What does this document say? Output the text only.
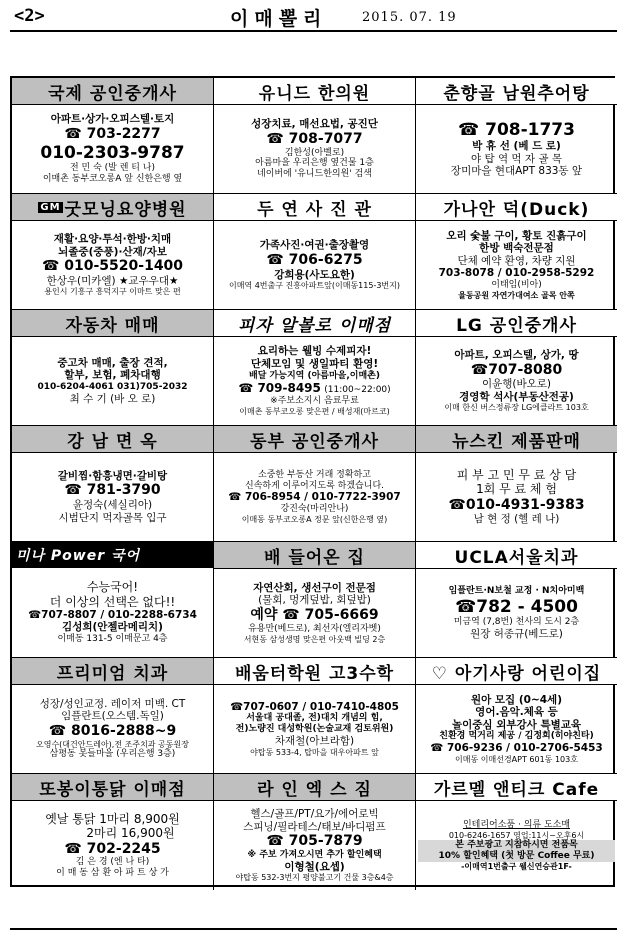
<2>	이매뽈리	2015. 07. 19
국제 공인중개사
아파트·상가·오피스텔·토지
☎ 703-2277
010-2303-9787
전 민 숙 (발 렌 티 나)
이매촌 동부코오롱A 앞 신한은행 옆
유니드 한의원
성장치료, 매선요법, 공진단
☎ 708-7077
김한성(아벨로)
아름마을 우리은행 옆건물 1층
네이버에 '유니드한의원' 검색
춘향골 남원추어탕
☎ 708-1773
박 휴 선 (베 드 로)
야 탑 역 먹 자 골 목
장미마을 현대APT 833동 앞
GM 굿모닝요양병원
재활·요양·투석·한방·치매
뇌졸중(중풍)·산재/자보
☎ 010-5520-1400
한상우(미카엘) ★교우우대★
용인시 기흥구 흥덕지구 이마트 맞은 편
두 연 사 진 관
가족사진·여권·출장촬영
☎ 706-6275
강희용(사도요한)
이매역 4번출구 진흥아파트앞(이매동115-3번지)
가나안 덕(Duck)
오리 숯불 구이, 황토 진흙구이
한방 백숙전문점
단체 예약 환영, 차량 지원
703-8078 / 010-2958-5292
이태임(비아)
율동공원 자연가대여소 골목 안쪽
자동차 매매
중고차 매매, 출장 견적,
할부, 보험, 폐차대행
010-6204-4061 031)705-2032
최 수 기 (바 오 로)
피자 알볼로 이매점
요리하는 웰빙 수제피자!
단체모임 및 생일파티 환영!
배달 가능지역 (아름마을,이매촌)
☎ 709-8495 (11:00~22:00)
※주보소지시 음료무료
이매촌 동부코오롱 맞은편 / 배성재(마르코)
LG 공인중개사
아파트, 오피스텔, 상가, 땅
☎707-8080
이윤행(바오로)
경영학 석사(부동산전공)
이매 한신 버스정류장 LG에클라트 103호
강 남 면 옥
갈비찜·함흥냉면·갈비탕
☎ 781-3790
윤정숙(세실리아)
시범단지 먹자골목 입구
동부 공인중개사
소중한 부동산 거래 정확하고
신속하게 이루어지도록 하겠습니다.
☎ 706-8954 / 010-7722-3907
강진숙(마리안나)
이매동 동부코오롱A 정문 앞(신한은행 옆)
뉴스킨 제품판매
피 부 고 민 무 료 상 담
1회 무 료 체 험
☎010-4931-9383
남 현 정 (헬 레 나)
미나 Power 국어
수능국어!
더 이상의 선택은 없다!!
☎707-8807 / 010-2288-6734
김성희(안젤라메리치)
이매동 131-5 이매문고 4층
배 들어온 집
자연산회, 생선구이 전문점
(물회, 멍게덮밥, 회덮밥)
예약 ☎ 705-6669
유용만(베드로), 최선자(엘리자벳)
서현동 삼성생명 맞은편 아웃백 빌딩 2층
UCLA서울치과
임플란트·N보철 교정 · N치아미백
☎782 - 4500
미금역 (7,8번) 천사의 도시 2층
원장 허종규(베드로)
프리미엄 치과
성장/성인교정. 레이저 미백. CT
임플란트(오스템.독일)
☎ 8016-2888~9
오영수(대건안드레아),전 조주치과 공동원장
삼평동 봇들마을 (우리은행 3층)
배움터학원 고3수학
☎707-0607 / 010-7410-4805
서울대 공대졸, 전)대치 개념의 힘,
전)노량진 대성학원(논술교재 검토위원)
차재철(아브라함)
야탑동 533-4, 탑마을 대우아파트 앞
♡ 아기사랑 어린이집
원아 모집 (0~4세)
영어.음악.체육 등
놀이중심 외부강사 특별교육
친환경 먹거리 제공 / 김정희(히야친타)
☎ 706-9236 / 010-2706-5453
이매동 이매선경APT 601동 103호
또봉이통닭 이매점
옛날 통닭 1마리 8,900원
2마리 16,900원
☎ 702-2245
김 은 경 (엔 나 타)
이 매 동 삼 환 아 파 트 상 가
라 인 엑 스 짐
헬스/골프/PT/요가/에어로빅
스피닝/필라테스/태보/바디펌프
☎ 705-7879
※ 주보 가져오시면 추가 할인혜택
이형철(요셉)
야탑동 532-3번지 평양불고기 건물 3층&4층
가르멜 앤티크 Cafe
인테리어소품 · 의류 도소매
010-6246-1657 영업:11시~오후6시
본 주보광고 지참하시면 전품목
10% 할인혜택 (첫 방문 Coffee 무료)
-이매역1번출구 웰신연승관1F-
